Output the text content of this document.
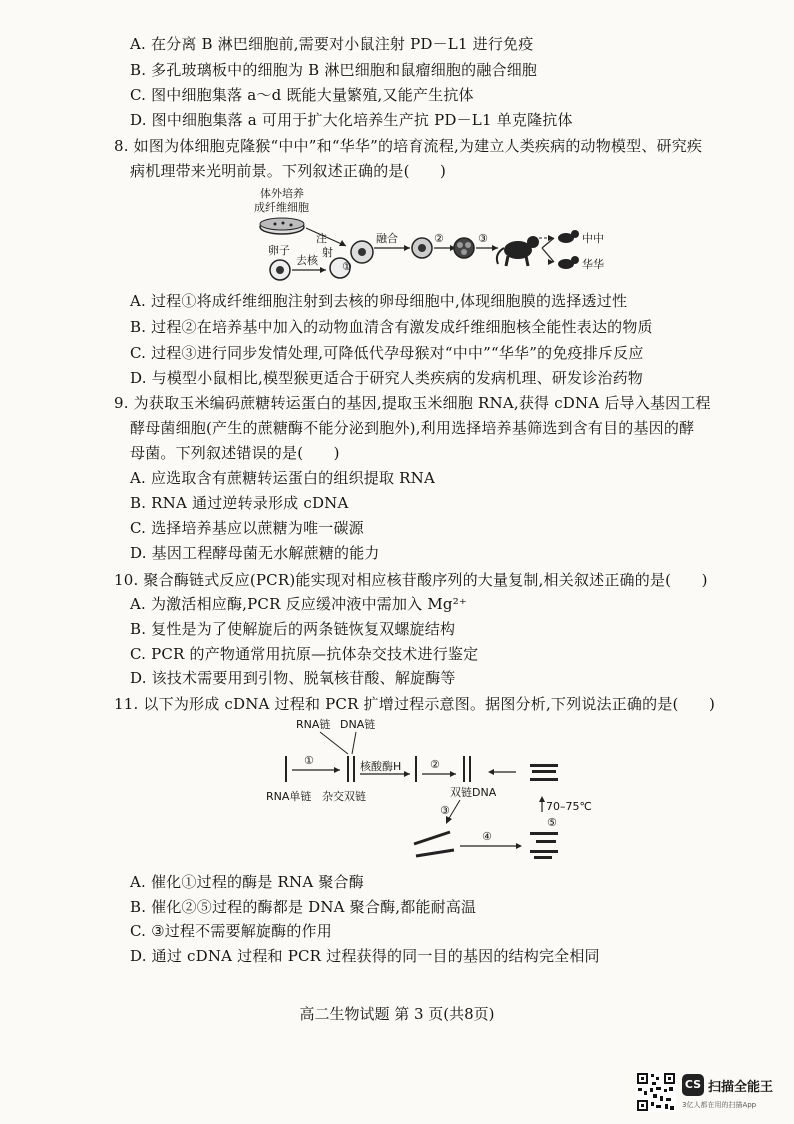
A. 在分离 B 淋巴细胞前,需要对小鼠注射 PD－L1 进行免疫
B. 多孔玻璃板中的细胞为 B 淋巴细胞和鼠瘤细胞的融合细胞
C. 图中细胞集落 a～d 既能大量繁殖,又能产生抗体
D. 图中细胞集落 a 可用于扩大化培养生产抗 PD－L1 单克隆抗体
8. 如图为体细胞克隆猴“中中”和“华华”的培育流程,为建立人类疾病的动物模型、研究疾
病机理带来光明前景。下列叙述正确的是(　　)
体外培养
成纤维细胞
注
射
卵子
去核 ①
融合	②	③	中中
华华
A. 过程①将成纤维细胞注射到去核的卵母细胞中,体现细胞膜的选择透过性
B. 过程②在培养基中加入的动物血清含有激发成纤维细胞核全能性表达的物质
C. 过程③进行同步发情处理,可降低代孕母猴对“中中”“华华”的免疫排斥反应
D. 与模型小鼠相比,模型猴更适合于研究人类疾病的发病机理、研发诊治药物
9. 为获取玉米编码蔗糖转运蛋白的基因,提取玉米细胞 RNA,获得 cDNA 后导入基因工程
酵母菌细胞(产生的蔗糖酶不能分泌到胞外),利用选择培养基筛选到含有目的基因的酵
母菌。下列叙述错误的是(　　)
A. 应选取含有蔗糖转运蛋白的组织提取 RNA
B. RNA 通过逆转录形成 cDNA
C. 选择培养基应以蔗糖为唯一碳源
D. 基因工程酵母菌无水解蔗糖的能力
10. 聚合酶链式反应(PCR)能实现对相应核苷酸序列的大量复制,相关叙述正确的是(　　)
A. 为激活相应酶,PCR 反应缓冲液中需加入 Mg²⁺
B. 复性是为了使解旋后的两条链恢复双螺旋结构
C. PCR 的产物通常用抗原—抗体杂交技术进行鉴定
D. 该技术需要用到引物、脱氧核苷酸、解旋酶等
11. 以下为形成 cDNA 过程和 PCR 扩增过程示意图。据图分析,下列说法正确的是(　　)
RNA链 DNA链
①	核酸酶H	②
RNA单链 杂交双链	双链DNA
③	70–75℃
⑤
④
A. 催化①过程的酶是 RNA 聚合酶
B. 催化②⑤过程的酶都是 DNA 聚合酶,都能耐高温
C. ③过程不需要解旋酶的作用
D. 通过 cDNA 过程和 PCR 过程获得的同一目的基因的结构完全相同
高二生物试题 第 3 页(共8页)
CS 扫描全能王
3亿人都在用的扫描App
